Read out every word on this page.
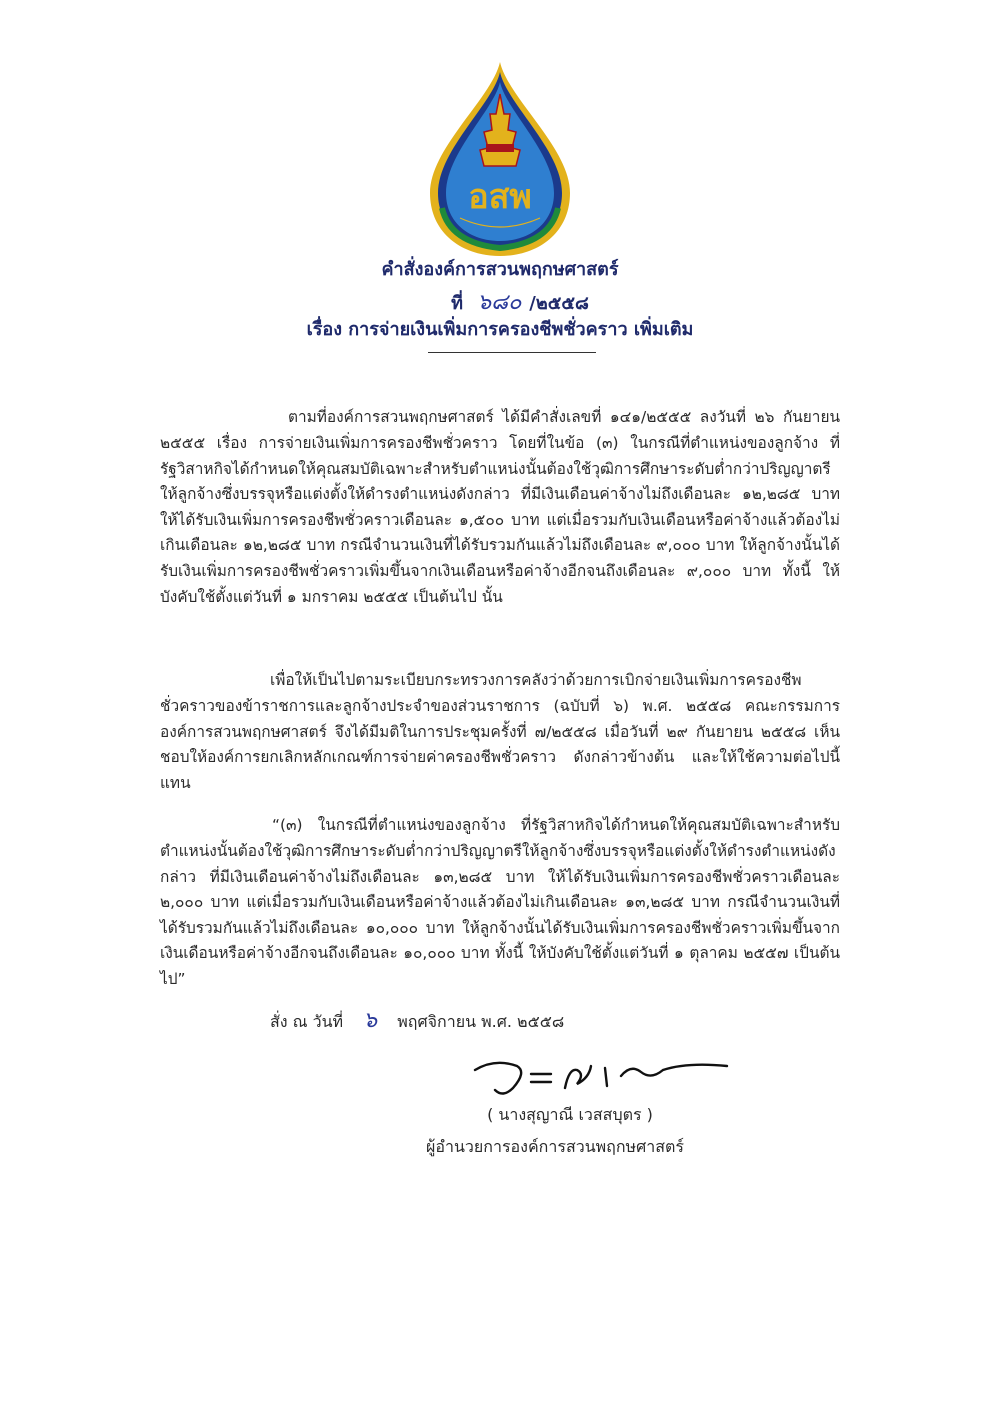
อสพ
คำสั่งองค์การสวนพฤกษศาสตร์
ที่ ๖๘๐ /๒๕๕๘
เรื่อง การจ่ายเงินเพิ่มการครองชีพชั่วคราว เพิ่มเติม

ตามที่องค์การสวนพฤกษศาสตร์ ได้มีคำสั่งเลขที่ ๑๔๑/๒๕๕๕ ลงวันที่ ๒๖ กันยายน ๒๕๕๕ เรื่อง การจ่ายเงินเพิ่มการครองชีพชั่วคราว โดยที่ในข้อ (๓) ในกรณีที่ตำแหน่งของลูกจ้าง ที่รัฐวิสาหกิจได้กำหนดให้คุณสมบัติเฉพาะสำหรับตำแหน่งนั้นต้องใช้วุฒิการศึกษาระดับต่ำกว่าปริญญาตรี ให้ลูกจ้างซึ่งบรรจุหรือแต่งตั้งให้ดำรงตำแหน่งดังกล่าว ที่มีเงินเดือนค่าจ้างไม่ถึงเดือนละ ๑๒,๒๘๕ บาท ให้ได้รับเงินเพิ่มการครองชีพชั่วคราวเดือนละ ๑,๕๐๐ บาท แต่เมื่อรวมกับเงินเดือนหรือค่าจ้างแล้วต้องไม่เกินเดือนละ ๑๒,๒๘๕ บาท กรณีจำนวนเงินที่ได้รับรวมกันแล้วไม่ถึงเดือนละ ๙,๐๐๐ บาท ให้ลูกจ้างนั้นได้รับเงินเพิ่มการครองชีพชั่วคราวเพิ่มขึ้นจากเงินเดือนหรือค่าจ้างอีกจนถึงเดือนละ ๙,๐๐๐ บาท ทั้งนี้ ให้บังคับใช้ตั้งแต่วันที่ ๑ มกราคม ๒๕๕๕ เป็นต้นไป นั้น

เพื่อให้เป็นไปตามระเบียบกระทรวงการคลังว่าด้วยการเบิกจ่ายเงินเพิ่มการครองชีพชั่วคราวของข้าราชการและลูกจ้างประจำของส่วนราชการ (ฉบับที่ ๖) พ.ศ. ๒๕๕๘ คณะกรรมการองค์การสวนพฤกษศาสตร์ จึงได้มีมติในการประชุมครั้งที่ ๗/๒๕๕๘ เมื่อวันที่ ๒๙ กันยายน ๒๕๕๘ เห็นชอบให้องค์การยกเลิกหลักเกณฑ์การจ่ายค่าครองชีพชั่วคราว ดังกล่าวข้างต้น และให้ใช้ความต่อไปนี้แทน

“(๓) ในกรณีที่ตำแหน่งของลูกจ้าง ที่รัฐวิสาหกิจได้กำหนดให้คุณสมบัติเฉพาะสำหรับตำแหน่งนั้นต้องใช้วุฒิการศึกษาระดับต่ำกว่าปริญญาตรีให้ลูกจ้างซึ่งบรรจุหรือแต่งตั้งให้ดำรงตำแหน่งดังกล่าว ที่มีเงินเดือนค่าจ้างไม่ถึงเดือนละ ๑๓,๒๘๕ บาท ให้ได้รับเงินเพิ่มการครองชีพชั่วคราวเดือนละ ๒,๐๐๐ บาท แต่เมื่อรวมกับเงินเดือนหรือค่าจ้างแล้วต้องไม่เกินเดือนละ ๑๓,๒๘๕ บาท กรณีจำนวนเงินที่ได้รับรวมกันแล้วไม่ถึงเดือนละ ๑๐,๐๐๐ บาท ให้ลูกจ้างนั้นได้รับเงินเพิ่มการครองชีพชั่วคราวเพิ่มขึ้นจากเงินเดือนหรือค่าจ้างอีกจนถึงเดือนละ ๑๐,๐๐๐ บาท ทั้งนี้ ให้บังคับใช้ตั้งแต่วันที่ ๑ ตุลาคม ๒๕๕๗ เป็นต้นไป”

สั่ง ณ วันที่ ๖ พฤศจิกายน พ.ศ. ๒๕๕๘
( นางสุญาณี เวสสบุตร )
ผู้อำนวยการองค์การสวนพฤกษศาสตร์
